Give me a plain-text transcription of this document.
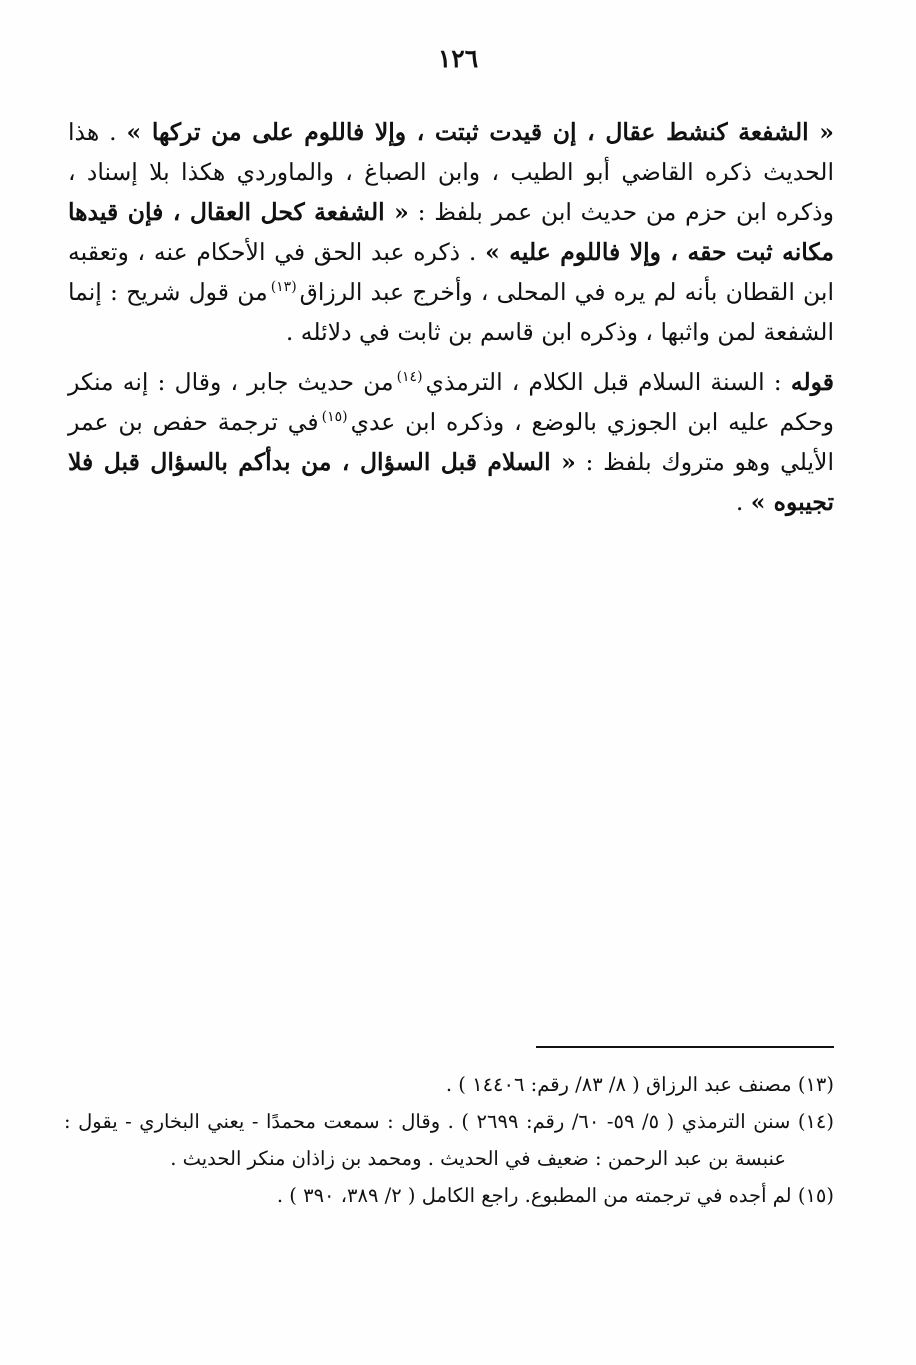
١٢٦

« الشفعة كنشط عقال ، إن قيدت ثبتت ، وإلا فاللوم على من تركها » . هذا الحديث ذكره القاضي أبو الطيب ، وابن الصباغ ، والماوردي هكذا بلا إسناد ، وذكره ابن حزم من حديث ابن عمر بلفظ : « الشفعة كحل العقال ، فإن قيدها مكانه ثبت حقه ، وإلا فاللوم عليه » . ذكره عبد الحق في الأحكام عنه ، وتعقبه ابن القطان بأنه لم يره في المحلى ، وأخرج عبد الرزاق$^{(١٣)}$من قول شريح : إنما الشفعة لمن واثبها ، وذكره ابن قاسم بن ثابت في دلائله .

قوله : السنة السلام قبل الكلام ، الترمذي$^{(١٤)}$من حديث جابر ، وقال : إنه منكر وحكم عليه ابن الجوزي بالوضع ، وذكره ابن عدي$^{(١٥)}$في ترجمة حفص بن عمر الأيلي وهو متروك بلفظ : « السلام قبل السؤال ، من بدأكم بالسؤال قبل فلا تجيبوه » .

(١٣) مصنف عبد الرزاق ( ٨/ ٨٣/ رقم: ١٤٤٠٦ ) .

(١٤) سنن الترمذي ( ٥/ ٥٩- ٦٠/ رقم: ٢٦٩٩ ) . وقال : سمعت محمدًا - يعني البخاري - يقول : عنبسة بن عبد الرحمن : ضعيف في الحديث . ومحمد بن زاذان منكر الحديث .

(١٥) لم أجده في ترجمته من المطبوع. راجع الكامل ( ٢/ ٣٨٩، ٣٩٠ ) .
